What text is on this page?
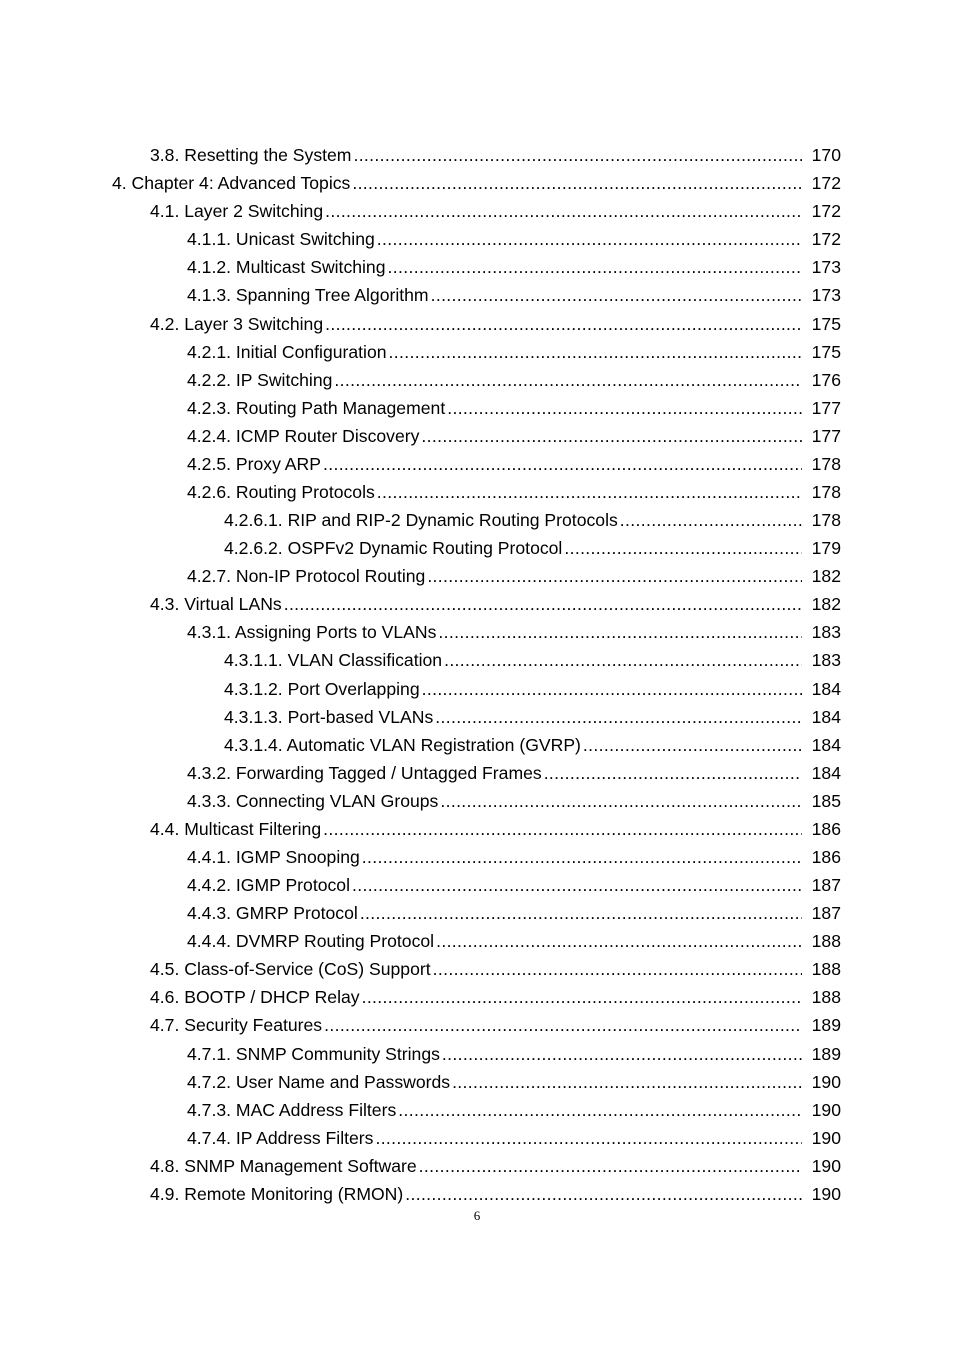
3.8. Resetting the System .....	170
4. Chapter 4: Advanced Topics .....	172
4.1. Layer 2 Switching .....	172
4.1.1. Unicast Switching .....	172
4.1.2. Multicast Switching .....	173
4.1.3. Spanning Tree Algorithm .....	173
4.2. Layer 3 Switching .....	175
4.2.1. Initial Configuration .....	175
4.2.2. IP Switching .....	176
4.2.3. Routing Path Management .....	177
4.2.4. ICMP Router Discovery .....	177
4.2.5. Proxy ARP .....	178
4.2.6. Routing Protocols .....	178
4.2.6.1. RIP and RIP-2 Dynamic Routing Protocols .....	178
4.2.6.2. OSPFv2 Dynamic Routing Protocol .....	179
4.2.7. Non-IP Protocol Routing .....	182
4.3. Virtual LANs .....	182
4.3.1. Assigning Ports to VLANs .....	183
4.3.1.1. VLAN Classification .....	183
4.3.1.2. Port Overlapping .....	184
4.3.1.3. Port-based VLANs .....	184
4.3.1.4. Automatic VLAN Registration (GVRP) .....	184
4.3.2. Forwarding Tagged / Untagged Frames .....	184
4.3.3. Connecting VLAN Groups .....	185
4.4. Multicast Filtering .....	186
4.4.1. IGMP Snooping .....	186
4.4.2. IGMP Protocol .....	187
4.4.3. GMRP Protocol .....	187
4.4.4. DVMRP Routing Protocol .....	188
4.5. Class-of-Service (CoS) Support .....	188
4.6. BOOTP / DHCP Relay .....	188
4.7. Security Features .....	189
4.7.1. SNMP Community Strings .....	189
4.7.2. User Name and Passwords .....	190
4.7.3. MAC Address Filters .....	190
4.7.4. IP Address Filters .....	190
4.8. SNMP Management Software .....	190
4.9. Remote Monitoring (RMON) .....	190
6
